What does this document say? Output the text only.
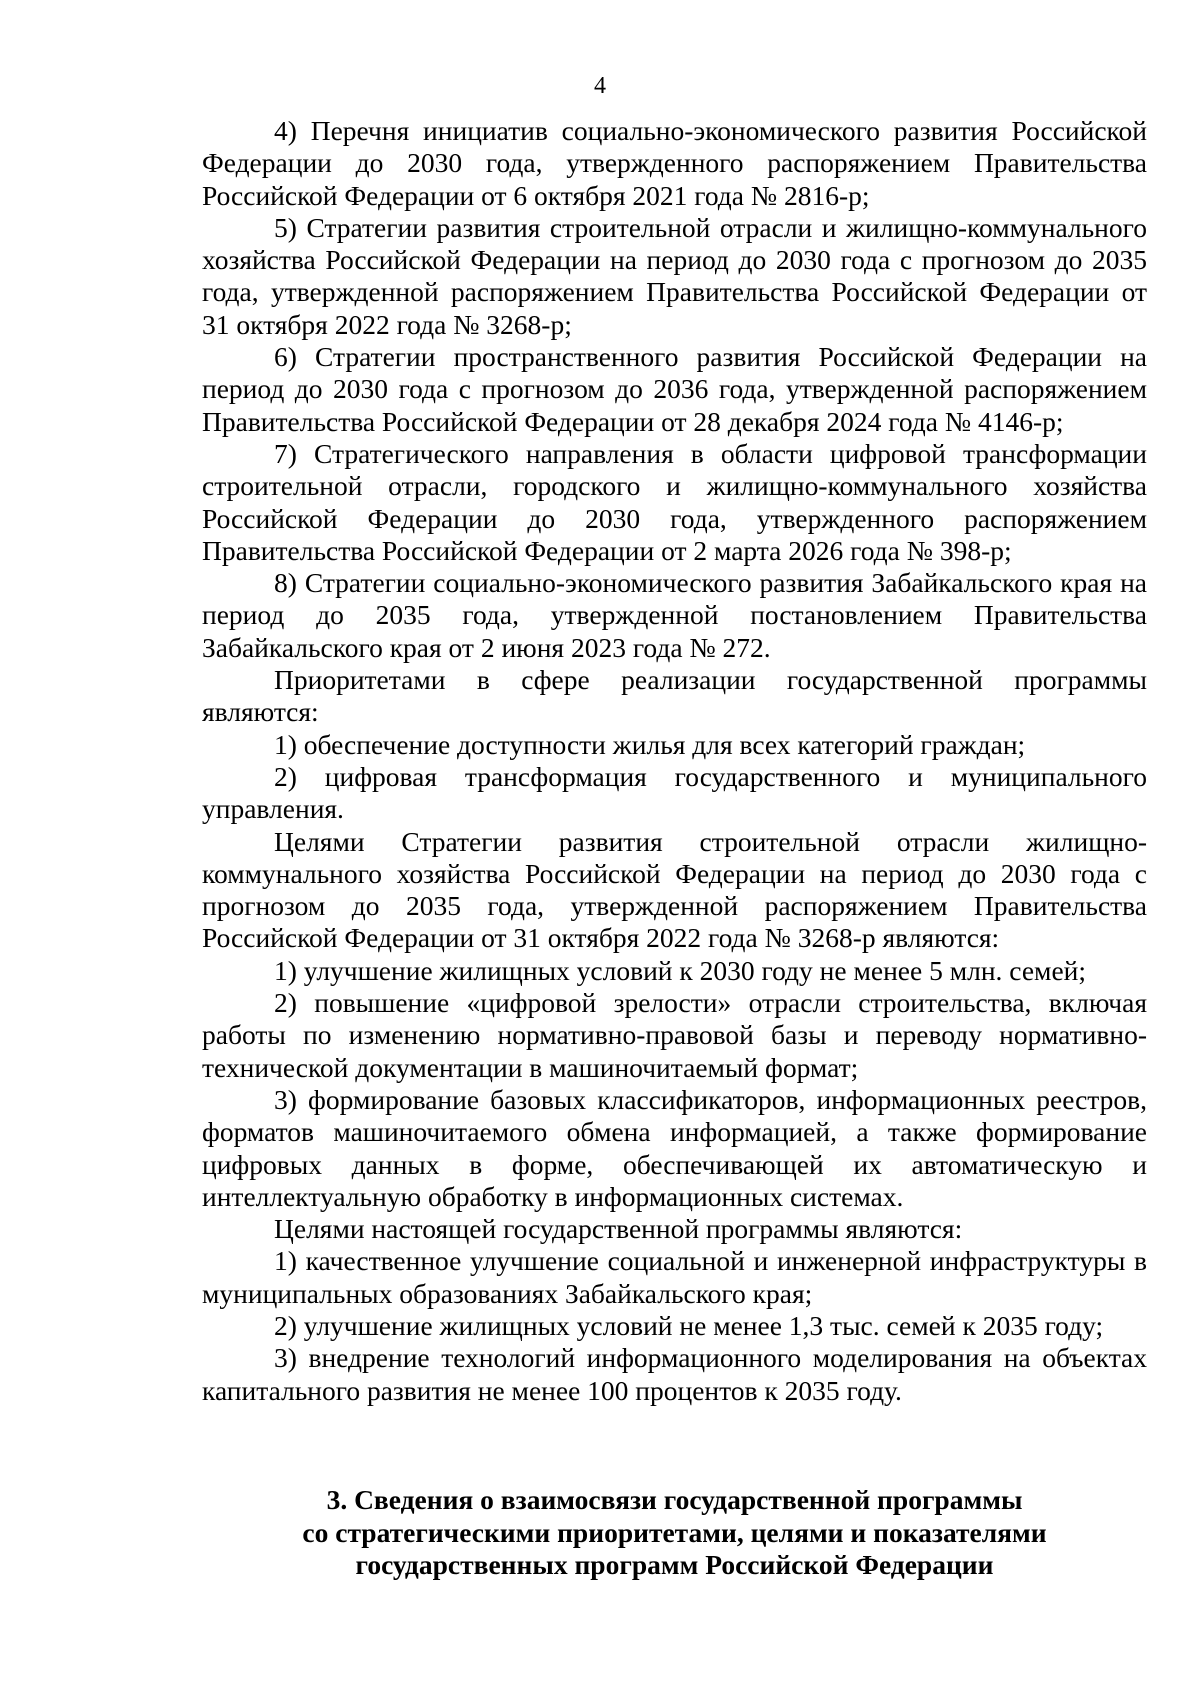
4

4) Перечня инициатив социально-экономического развития Российской Федерации до 2030 года, утвержденного распоряжением Правительства Российской Федерации от 6 октября 2021 года № 2816-р;

5) Стратегии развития строительной отрасли и жилищно-коммунального хозяйства Российской Федерации на период до 2030 года с прогнозом до 2035 года, утвержденной распоряжением Правительства Российской Федерации от 31 октября 2022 года № 3268-р;

6) Стратегии пространственного развития Российской Федерации на период до 2030 года с прогнозом до 2036 года, утвержденной распоряжением Правительства Российской Федерации от 28 декабря 2024 года № 4146-р;

7) Стратегического направления в области цифровой трансформации строительной отрасли, городского и жилищно-коммунального хозяйства Российской Федерации до 2030 года, утвержденного распоряжением Правительства Российской Федерации от 2 марта 2026 года № 398-р;

8) Стратегии социально-экономического развития Забайкальского края на период до 2035 года, утвержденной постановлением Правительства Забайкальского края от 2 июня 2023 года № 272.

Приоритетами в сфере реализации государственной программы являются:

1) обеспечение доступности жилья для всех категорий граждан;

2) цифровая трансформация государственного и муниципального управления.

Целями Стратегии развития строительной отрасли жилищно-коммунального хозяйства Российской Федерации на период до 2030 года с прогнозом до 2035 года, утвержденной распоряжением Правительства Российской Федерации от 31 октября 2022 года № 3268-р являются:

1) улучшение жилищных условий к 2030 году не менее 5 млн. семей;

2) повышение «цифровой зрелости» отрасли строительства, включая работы по изменению нормативно-правовой базы и переводу нормативно-технической документации в машиночитаемый формат;

3) формирование базовых классификаторов, информационных реестров, форматов машиночитаемого обмена информацией, а также формирование цифровых данных в форме, обеспечивающей их автоматическую и интеллектуальную обработку в информационных системах.

Целями настоящей государственной программы являются:

1) качественное улучшение социальной и инженерной инфраструктуры в муниципальных образованиях Забайкальского края;

2) улучшение жилищных условий не менее 1,3 тыс. семей к 2035 году;

3) внедрение технологий информационного моделирования на объектах капитального развития не менее 100 процентов к 2035 году.

3. Сведения о взаимосвязи государственной программы
со стратегическими приоритетами, целями и показателями
государственных программ Российской Федерации
